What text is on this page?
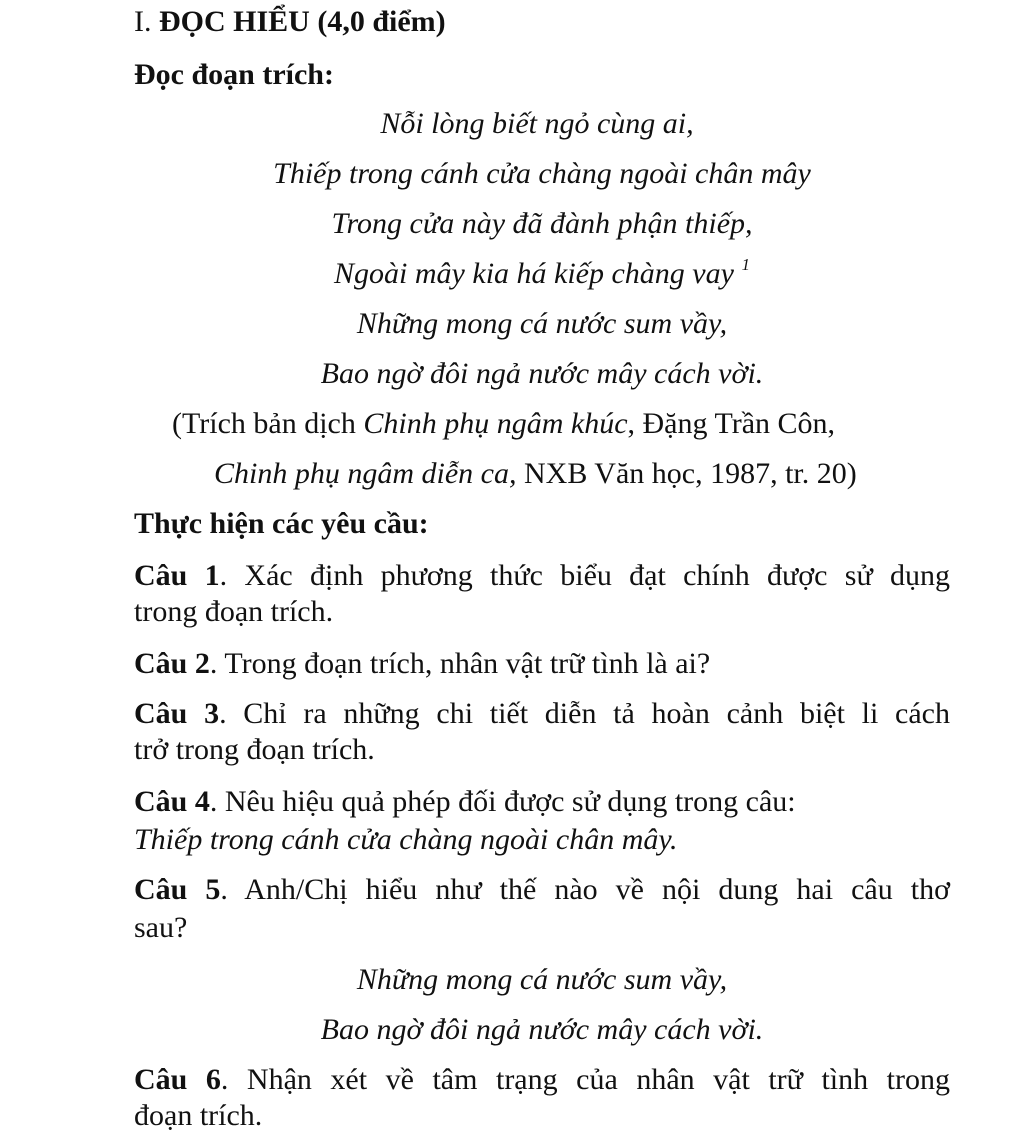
I. ĐỌC HIỂU (4,0 điểm)
Đọc đoạn trích:
Nỗi lòng biết ngỏ cùng ai,
Thiếp trong cánh cửa chàng ngoài chân mây
Trong cửa này đã đành phận thiếp,
Ngoài mây kia há kiếp chàng vay $^1$
Những mong cá nước sum vầy,
Bao ngờ đôi ngả nước mây cách vời.
(Trích bản dịch Chinh phụ ngâm khúc, Đặng Trần Côn,
Chinh phụ ngâm diễn ca, NXB Văn học, 1987, tr. 20)
Thực hiện các yêu cầu:
Câu 1. Xác định phương thức biểu đạt chính được sử dụng
trong đoạn trích.
Câu 2. Trong đoạn trích, nhân vật trữ tình là ai?
Câu 3. Chỉ ra những chi tiết diễn tả hoàn cảnh biệt li cách
trở trong đoạn trích.
Câu 4. Nêu hiệu quả phép đối được sử dụng trong câu:
Thiếp trong cánh cửa chàng ngoài chân mây.
Câu 5. Anh/Chị hiểu như thế nào về nội dung hai câu thơ
sau?
Những mong cá nước sum vầy,
Bao ngờ đôi ngả nước mây cách vời.
Câu 6. Nhận xét về tâm trạng của nhân vật trữ tình trong
đoạn trích.
